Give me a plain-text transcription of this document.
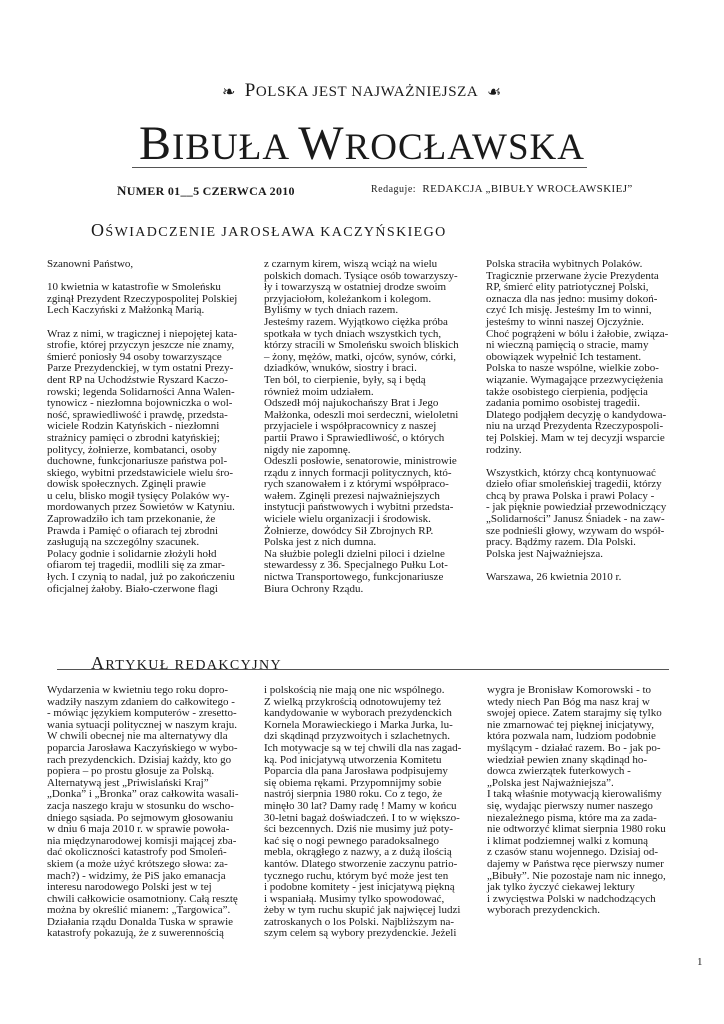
❧ POLSKA JEST NAJWAŻNIEJSZA ☙
BIBUŁA WROCŁAWSKA
NUMER 01__5 CZERWCA 2010	Redaguje: REDAKCJA „BIBUŁY WROCŁAWSKIEJ”
OŚWIADCZENIE JAROSŁAWA KACZYŃSKIEGO

Szanowni Państwo,

10 kwietnia w katastrofie w Smoleńsku
zginął Prezydent Rzeczypospolitej Polskiej
Lech Kaczyński z Małżonką Marią.

Wraz z nimi, w tragicznej i niepojętej kata-
strofie, której przyczyn jeszcze nie znamy,
śmierć poniosły 94 osoby towarzyszące
Parze Prezydenckiej, w tym ostatni Prezy-
dent RP na Uchodźstwie Ryszard Kaczo-
rowski; legenda Solidarności Anna Walen-
tynowicz - niezłomna bojowniczka o wol-
ność, sprawiedliwość i prawdę, przedsta-
wiciele Rodzin Katyńskich - niezłomni
strażnicy pamięci o zbrodni katyńskiej;
politycy, żołnierze, kombatanci, osoby
duchowne, funkcjonariusze państwa pol-
skiego, wybitni przedstawiciele wielu śro-
dowisk społecznych. Zginęli prawie
u celu, blisko mogił tysięcy Polaków wy-
mordowanych przez Sowietów w Katyniu.
Zaprowadziło ich tam przekonanie, że
Prawda i Pamięć o ofiarach tej zbrodni
zasługują na szczególny szacunek.
Polacy godnie i solidarnie złożyli hołd
ofiarom tej tragedii, modlili się za zmar-
łych. I czynią to nadal, już po zakończeniu
oficjalnej żałoby. Biało-czerwone flagi

z czarnym kirem, wiszą wciąż na wielu
polskich domach. Tysiące osób towarzyszy-
ły i towarzyszą w ostatniej drodze swoim
przyjaciołom, koleżankom i kolegom.
Byliśmy w tych dniach razem.
Jesteśmy razem. Wyjątkowo ciężka próba
spotkała w tych dniach wszystkich tych,
którzy stracili w Smoleńsku swoich bliskich
– żony, mężów, matki, ojców, synów, córki,
dziadków, wnuków, siostry i braci.
Ten ból, to cierpienie, były, są i będą
również moim udziałem.
Odszedł mój najukochańszy Brat i Jego
Małżonka, odeszli moi serdeczni, wieloletni
przyjaciele i współpracownicy z naszej
partii Prawo i Sprawiedliwość, o których
nigdy nie zapomnę.
Odeszli posłowie, senatorowie, ministrowie
rządu z innych formacji politycznych, któ-
rych szanowałem i z którymi współpraco-
wałem. Zginęli prezesi najważniejszych
instytucji państwowych i wybitni przedsta-
wiciele wielu organizacji i środowisk.
Żołnierze, dowódcy Sił Zbrojnych RP.
Polska jest z nich dumna.
Na służbie polegli dzielni piloci i dzielne
stewardessy z 36. Specjalnego Pułku Lot-
nictwa Transportowego, funkcjonariusze
Biura Ochrony Rządu.

Polska straciła wybitnych Polaków.
Tragicznie przerwane życie Prezydenta
RP, śmierć elity patriotycznej Polski,
oznacza dla nas jedno: musimy dokoń-
czyć Ich misję. Jesteśmy Im to winni,
jesteśmy to winni naszej Ojczyźnie.
Choć pogrążeni w bólu i żałobie, związa-
ni wieczną pamięcią o stracie, mamy
obowiązek wypełnić Ich testament.
Polska to nasze wspólne, wielkie zobo-
wiązanie. Wymagające przezwyciężenia
także osobistego cierpienia, podjęcia
zadania pomimo osobistej tragedii.
Dlatego podjąłem decyzję o kandydowa-
niu na urząd Prezydenta Rzeczypospoli-
tej Polskiej. Mam w tej decyzji wsparcie
rodziny.

Wszystkich, którzy chcą kontynuować
dzieło ofiar smoleńskiej tragedii, którzy
chcą by prawa Polska i prawi Polacy -
- jak pięknie powiedział przewodniczący
„Solidarności” Janusz Śniadek - na zaw-
sze podnieśli głowy, wzywam do współ-
pracy. Bądźmy razem. Dla Polski.
Polska jest Najważniejsza.

Warszawa, 26 kwietnia 2010 r.

ARTYKUŁ REDAKCYJNY

Wydarzenia w kwietniu tego roku dopro-
wadziły naszym zdaniem do całkowitego -
- mówiąc językiem komputerów - zresetto-
wania sytuacji politycznej w naszym kraju.
W chwili obecnej nie ma alternatywy dla
poparcia Jarosława Kaczyńskiego w wybo-
rach prezydenckich. Dzisiaj każdy, kto go
popiera – po prostu głosuje za Polską.
Alternatywą jest „Priwislański Kraj”
„Donka” i „Bronka” oraz całkowita wasali-
zacja naszego kraju w stosunku do wscho-
dniego sąsiada. Po sejmowym głosowaniu
w dniu 6 maja 2010 r. w sprawie powoła-
nia międzynarodowej komisji mającej zba-
dać okoliczności katastrofy pod Smoleń-
skiem (a może użyć krótszego słowa: za-
mach?) - widzimy, że PiS jako emanacja
interesu narodowego Polski jest w tej
chwili całkowicie osamotniony. Całą resztę
można by określić mianem: „Targowica”.
Działania rządu Donalda Tuska w sprawie
katastrofy pokazują, że z suwerennością

i polskością nie mają one nic wspólnego.
Z wielką przykrością odnotowujemy też
kandydowanie w wyborach prezydenckich
Kornela Morawieckiego i Marka Jurka, lu-
dzi skądinąd przyzwoitych i szlachetnych.
Ich motywacje są w tej chwili dla nas zagad-
ką. Pod inicjatywą utworzenia Komitetu
Poparcia dla pana Jarosława podpisujemy
się obiema rękami. Przypomnijmy sobie
nastrój sierpnia 1980 roku. Co z tego, że
minęło 30 lat? Damy radę ! Mamy w końcu
30-letni bagaż doświadczeń. I to w większo-
ści bezcennych. Dziś nie musimy już poty-
kać się o nogi pewnego paradoksalnego
mebla, okrągłego z nazwy, a z dużą ilością
kantów. Dlatego stworzenie zaczynu patrio-
tycznego ruchu, którym być może jest ten
i podobne komitety - jest inicjatywą piękną
i wspaniałą. Musimy tylko spowodować,
żeby w tym ruchu skupić jak najwięcej ludzi
zatroskanych o los Polski. Najbliższym na-
szym celem są wybory prezydenckie. Jeżeli

wygra je Bronisław Komorowski - to
wtedy niech Pan Bóg ma nasz kraj w
swojej opiece. Zatem starajmy się tylko
nie zmarnować tej pięknej inicjatywy,
która pozwala nam, ludziom podobnie
myślącym - działać razem. Bo - jak po-
wiedział pewien znany skądinąd ho-
dowca zwierzątek futerkowych -
„Polska jest Najważniejsza”.
I taką właśnie motywacją kierowaliśmy
się, wydając pierwszy numer naszego
niezależnego pisma, które ma za zada-
nie odtworzyć klimat sierpnia 1980 roku
i klimat podziemnej walki z komuną
z czasów stanu wojennego. Dzisiaj od-
dajemy w Państwa ręce pierwszy numer
„Bibuły”. Nie pozostaje nam nic innego,
jak tylko życzyć ciekawej lektury
i zwycięstwa Polski w nadchodzących
wyborach prezydenckich.

1
